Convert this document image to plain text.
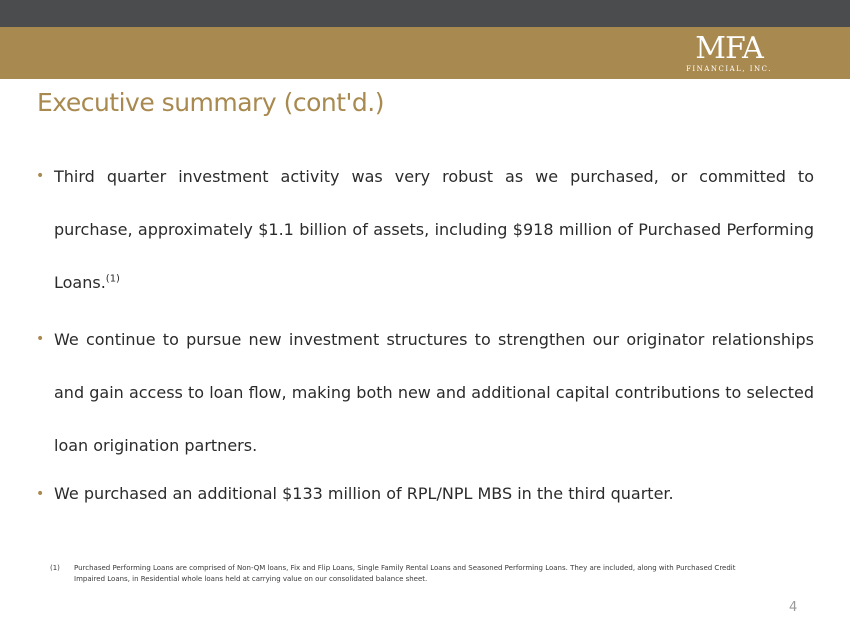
MFA
FINANCIAL, INC.
Executive summary (cont'd.)
• Third quarter investment activity was very robust as we purchased, or committed to purchase, approximately $1.1 billion of assets, including $918 million of Purchased Performing Loans.$^{(1)}$
• We continue to pursue new investment structures to strengthen our originator relationships and gain access to loan flow, making both new and additional capital contributions to selected loan origination partners.
• We purchased an additional $133 million of RPL/NPL MBS in the third quarter.
(1)	Purchased Performing Loans are comprised of Non-QM loans, Fix and Flip Loans, Single Family Rental Loans and Seasoned Performing Loans. They are included, along with Purchased Credit Impaired Loans, in Residential whole loans held at carrying value on our consolidated balance sheet.
4
